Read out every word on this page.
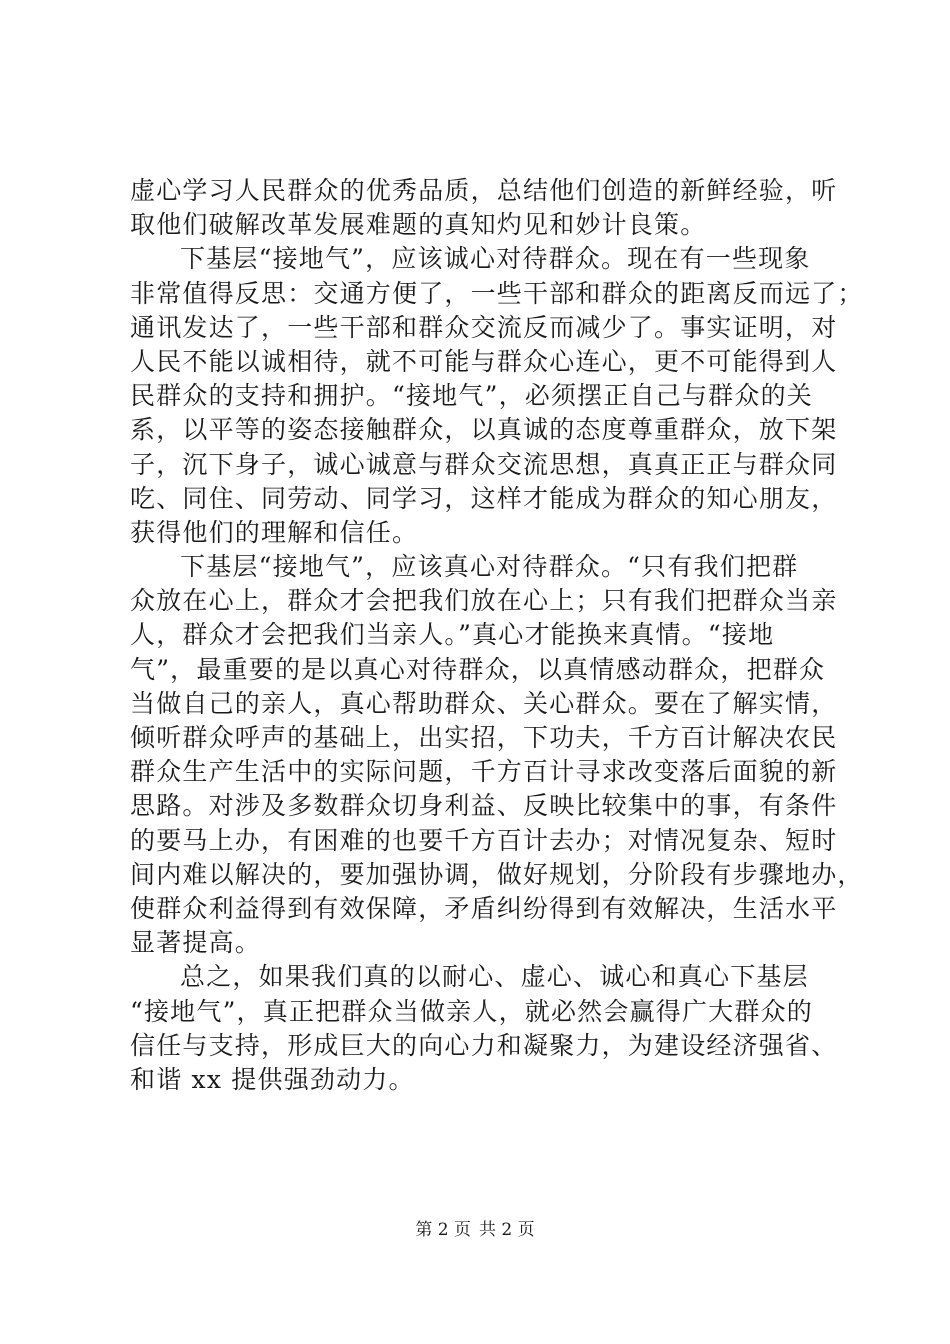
虚心学习人民群众的优秀品质，总结他们创造的新鲜经验，听
取他们破解改革发展难题的真知灼见和妙计良策。
下基层“接地气”，应该诚心对待群众。现在有一些现象
非常值得反思：交通方便了，一些干部和群众的距离反而远了；
通讯发达了，一些干部和群众交流反而减少了。事实证明，对
人民不能以诚相待，就不可能与群众心连心，更不可能得到人
民群众的支持和拥护。“接地气”，必须摆正自己与群众的关
系，以平等的姿态接触群众，以真诚的态度尊重群众，放下架
子，沉下身子，诚心诚意与群众交流思想，真真正正与群众同
吃、同住、同劳动、同学习，这样才能成为群众的知心朋友，
获得他们的理解和信任。
下基层“接地气”，应该真心对待群众。“只有我们把群
众放在心上，群众才会把我们放在心上；只有我们把群众当亲
人，群众才会把我们当亲人。”真心才能换来真情。“接地
气”，最重要的是以真心对待群众，以真情感动群众，把群众
当做自己的亲人，真心帮助群众、关心群众。要在了解实情，
倾听群众呼声的基础上，出实招，下功夫，千方百计解决农民
群众生产生活中的实际问题，千方百计寻求改变落后面貌的新
思路。对涉及多数群众切身利益、反映比较集中的事，有条件
的要马上办，有困难的也要千方百计去办；对情况复杂、短时
间内难以解决的，要加强协调，做好规划，分阶段有步骤地办，
使群众利益得到有效保障，矛盾纠纷得到有效解决，生活水平
显著提高。
总之，如果我们真的以耐心、虚心、诚心和真心下基层
“接地气”，真正把群众当做亲人，就必然会赢得广大群众的
信任与支持，形成巨大的向心力和凝聚力，为建设经济强省、
和谐 xx 提供强劲动力。
第 2 页 共 2 页
